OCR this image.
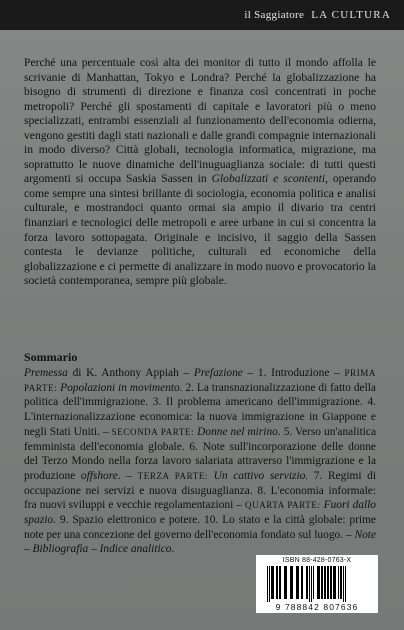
il Saggiatore LA CULTURA
Perché una percentuale così alta dei monitor di tutto il mondo affolla le scrivanie di Manhattan, Tokyo e Londra? Perché la globalizzazione ha bisogno di strumenti di direzione e finanza così concentrati in poche metropoli? Perché gli spostamenti di capitale e lavoratori più o meno specializzati, entrambi essenziali al funzionamento dell'economia odierna, vengono gestiti dagli stati nazionali e dalle grandi compagnie internazionali in modo diverso? Città globali, tecnologia informatica, migrazione, ma soprattutto le nuove dinamiche dell'inuguaglianza sociale: di tutti questi argomenti si occupa Saskia Sassen in Globalizzati e scontenti, operando come sempre una sintesi brillante di sociologia, economia politica e analisi culturale, e mostrandoci quanto ormai sia ampio il divario tra centri finanziari e tecnologici delle metropoli e aree urbane in cui si concentra la forza lavoro sottopagata. Originale e incisivo, il saggio della Sassen contesta le devianze politiche, culturali ed economiche della globalizzazione e ci permette di analizzare in modo nuovo e provocatorio la società contemporanea, sempre più globale.
Sommario
Premessa di K. Anthony Appiah – Prefazione – 1. Introduzione – PRIMA PARTE: Popolazioni in movimento. 2. La transnazionalizzazione di fatto della politica dell'immigrazione. 3. Il problema americano dell'immigrazione. 4. L'internazionalizzazione economica: la nuova immigrazione in Giappone e negli Stati Uniti. – SECONDA PARTE: Donne nel mirino. 5. Verso un'analitica femminista dell'economia globale. 6. Note sull'incorporazione delle donne del Terzo Mondo nella forza lavoro salariata attraverso l'immigrazione e la produzione offshore. – TERZA PARTE: Un cattivo servizio. 7. Regimi di occupazione nei servizi e nuova disuguaglianza. 8. L'economia informale: fra nuovi sviluppi e vecchie regolamentazioni – QUARTA PARTE: Fuori dallo spazio. 9. Spazio elettronico e potere. 10. Lo stato e la città globale: prime note per una concezione del governo dell'economia fondato sul luogo. – Note – Bibliografia – Indice analitico.
ISBN 88-428-0763-X
9 788842 807636
